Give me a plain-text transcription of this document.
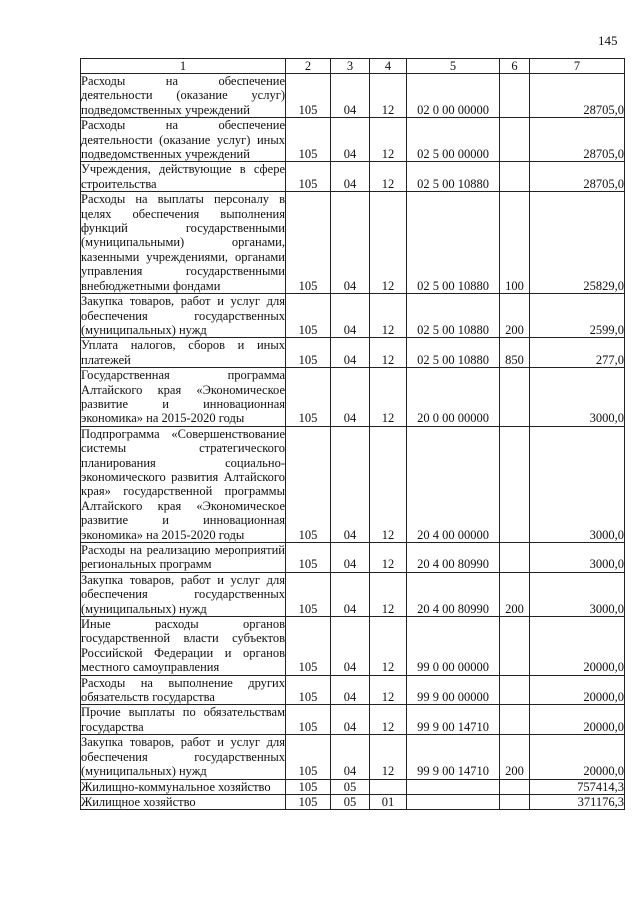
145
1	2	3	4	5	6	7
Расходы на обеспечение деятельности (оказание услуг) подведомственных учреждений	105	04	12	02 0 00 00000		28705,0
Расходы на обеспечение деятельности (оказание услуг) иных подведомственных учреждений	105	04	12	02 5 00 00000		28705,0
Учреждения, действующие в сфере строительства	105	04	12	02 5 00 10880		28705,0
Расходы на выплаты персоналу в целях обеспечения выполнения функций государственными (муниципальными) органами, казенными учреждениями, органами управления государственными внебюджетными фондами	105	04	12	02 5 00 10880	100	25829,0
Закупка товаров, работ и услуг для обеспечения государственных (муниципальных) нужд	105	04	12	02 5 00 10880	200	2599,0
Уплата налогов, сборов и иных платежей	105	04	12	02 5 00 10880	850	277,0
Государственная программа Алтайского края «Экономическое развитие и инновационная экономика» на 2015-2020 годы	105	04	12	20 0 00 00000		3000,0
Подпрограмма «Совершенствование системы стратегического планирования социально-экономического развития Алтайского края» государственной программы Алтайского края «Экономическое развитие и инновационная экономика» на 2015-2020 годы	105	04	12	20 4 00 00000		3000,0
Расходы на реализацию мероприятий региональных программ	105	04	12	20 4 00 80990		3000,0
Закупка товаров, работ и услуг для обеспечения государственных (муниципальных) нужд	105	04	12	20 4 00 80990	200	3000,0
Иные расходы органов государственной власти субъектов Российской Федерации и органов местного самоуправления	105	04	12	99 0 00 00000		20000,0
Расходы на выполнение других обязательств государства	105	04	12	99 9 00 00000		20000,0
Прочие выплаты по обязательствам государства	105	04	12	99 9 00 14710		20000,0
Закупка товаров, работ и услуг для обеспечения государственных (муниципальных) нужд	105	04	12	99 9 00 14710	200	20000,0
Жилищно-коммунальное хозяйство	105	05				757414,3
Жилищное хозяйство	105	05	01			371176,3
